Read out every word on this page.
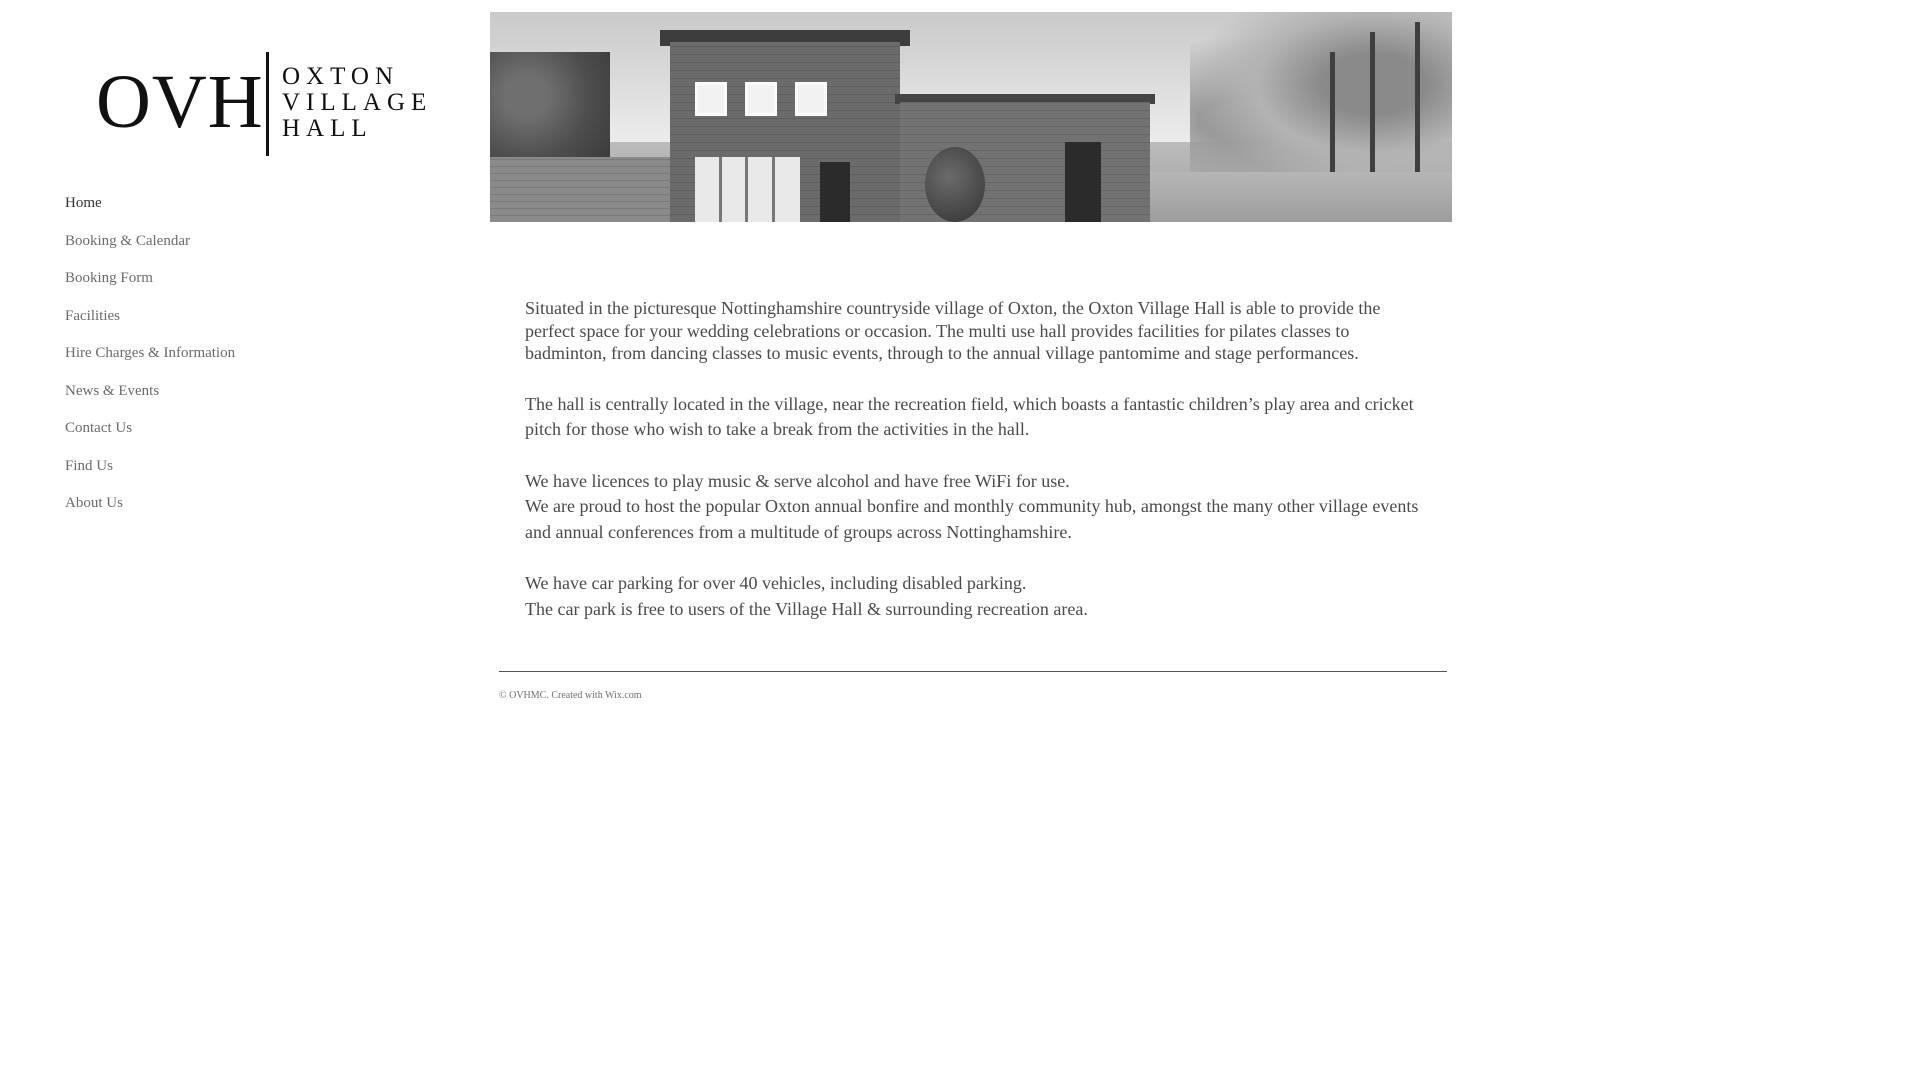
OVH OXTON
VILLAGE
HALL
Home
Booking & Calendar
Booking Form
Facilities
Hire Charges & Information
News & Events
Contact Us
Find Us
About Us

Situated in the picturesque Nottinghamshire countryside village of Oxton, the Oxton Village Hall is able to provide the perfect space for your wedding celebrations or occasion. The multi use hall provides facilities for pilates classes to badminton, from dancing classes to music events, through to the annual village pantomime and stage performances.

The hall is centrally located in the village, near the recreation field, which boasts a fantastic children’s play area and cricket pitch for those who wish to take a break from the activities in the hall.

We have licences to play music & serve alcohol and have free WiFi for use.
We are proud to host the popular Oxton annual bonfire and monthly community hub, amongst the many other village events and annual conferences from a multitude of groups across Nottinghamshire.

We have car parking for over 40 vehicles, including disabled parking.
The car park is free to users of the Village Hall & surrounding recreation area.

© OVHMC. Created with Wix.com
